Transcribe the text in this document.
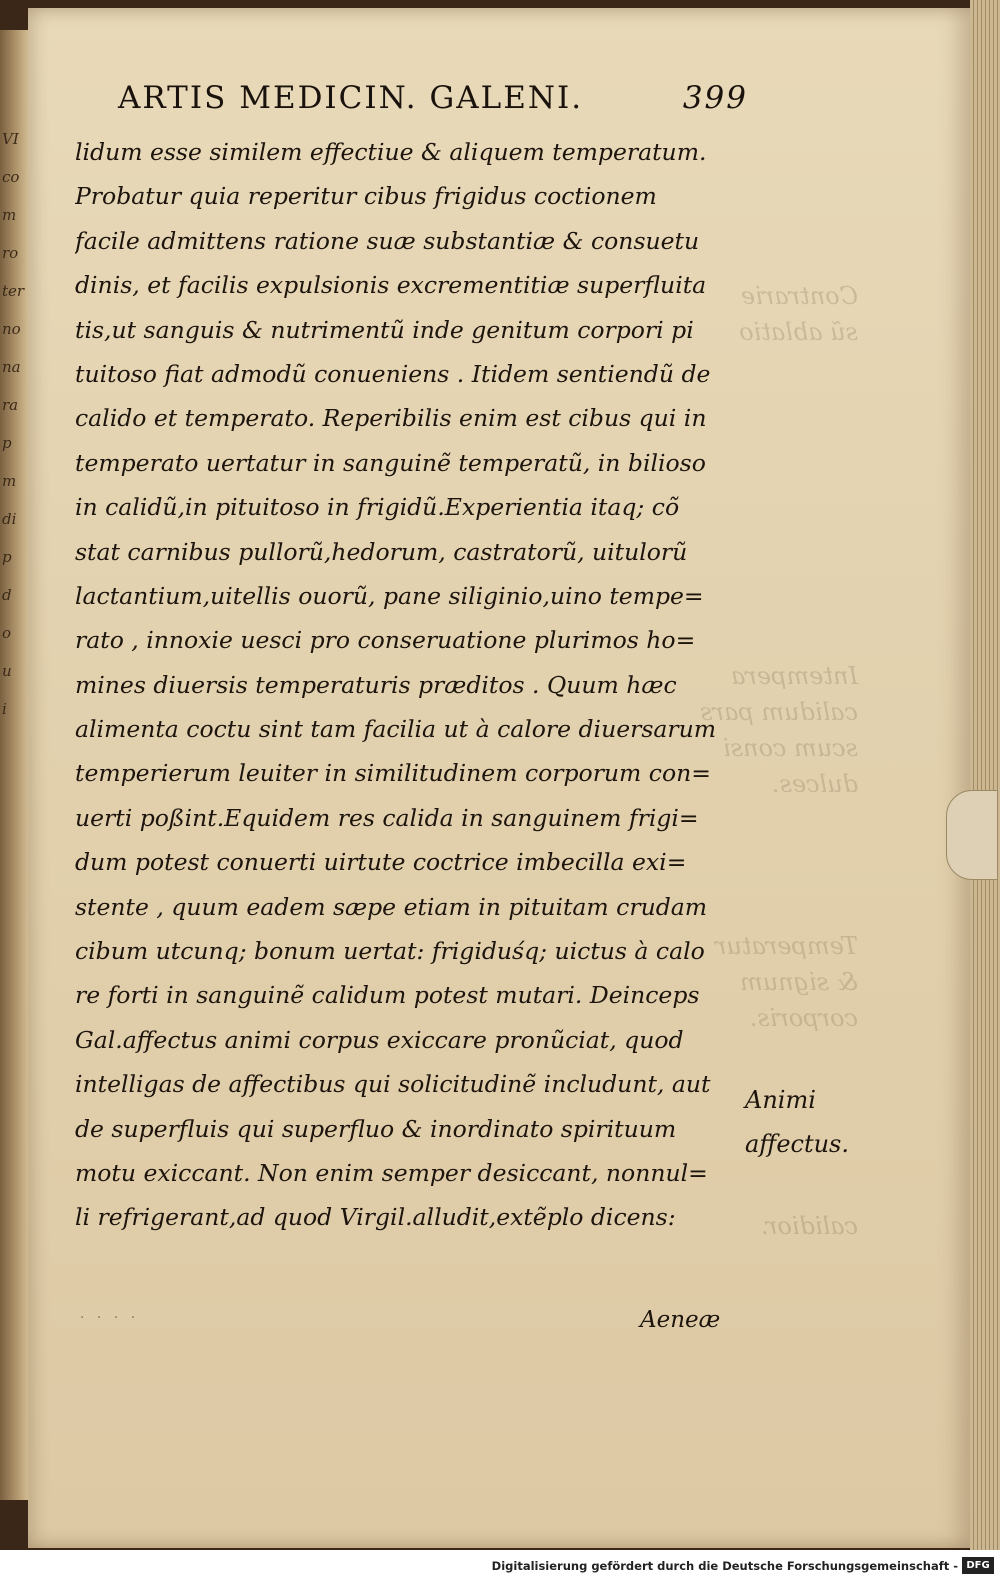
VI
co
m
ro
ter
no
na
ra
p
m
di
p
d
o
u
i
Contrarie
sũ ablatio
Intempera
calidum pars
scum consi
dulces.
Temperatur
& signum
corporis.
calidior.
ARTIS MEDICIN. GALENI.	399
lidum esse similem effectiue & aliquem temperatum.
Probatur quia reperitur cibus frigidus coctionem
facile admittens ratione suæ substantiæ & consuetu
dinis, et facilis expulsionis excrementitiæ superfluita
tis,ut sanguis & nutrimentũ inde genitum corpori pi
tuitoso fiat admodũ conueniens . Itidem sentiendũ de
calido et temperato. Reperibilis enim est cibus qui in
temperato uertatur in sanguinẽ temperatũ, in bilioso
in calidũ,in pituitoso in frigidũ.Experientia itaq; cõ
stat carnibus pullorũ,hedorum, castratorũ, uitulorũ
lactantium,uitellis ouorũ, pane siliginio,uino tempe=
rato , innoxie uesci pro conseruatione plurimos ho=
mines diuersis temperaturis præditos . Quum hæc
alimenta coctu sint tam facilia ut à calore diuersarum
temperierum leuiter in similitudinem corporum con=
uerti poßint.Equidem res calida in sanguinem frigi=
dum potest conuerti uirtute coctrice imbecilla exi=
stente , quum eadem sæpe etiam in pituitam crudam
cibum utcunq; bonum uertat: frigiduśq; uictus à calo
re forti in sanguinẽ calidum potest mutari. Deinceps
Gal.affectus animi corpus exiccare pronũciat, quod
intelligas de affectibus qui solicitudinẽ includunt, aut
de superfluis qui superfluo & inordinato spirituum
motu exiccant. Non enim semper desiccant, nonnul=
li refrigerant,ad quod Virgil.alludit,extẽplo dicens:
Animi
affectus.
· · · ·	Aeneæ
Digitalisierung gefördert durch die Deutsche Forschungsgemeinschaft - DFG
